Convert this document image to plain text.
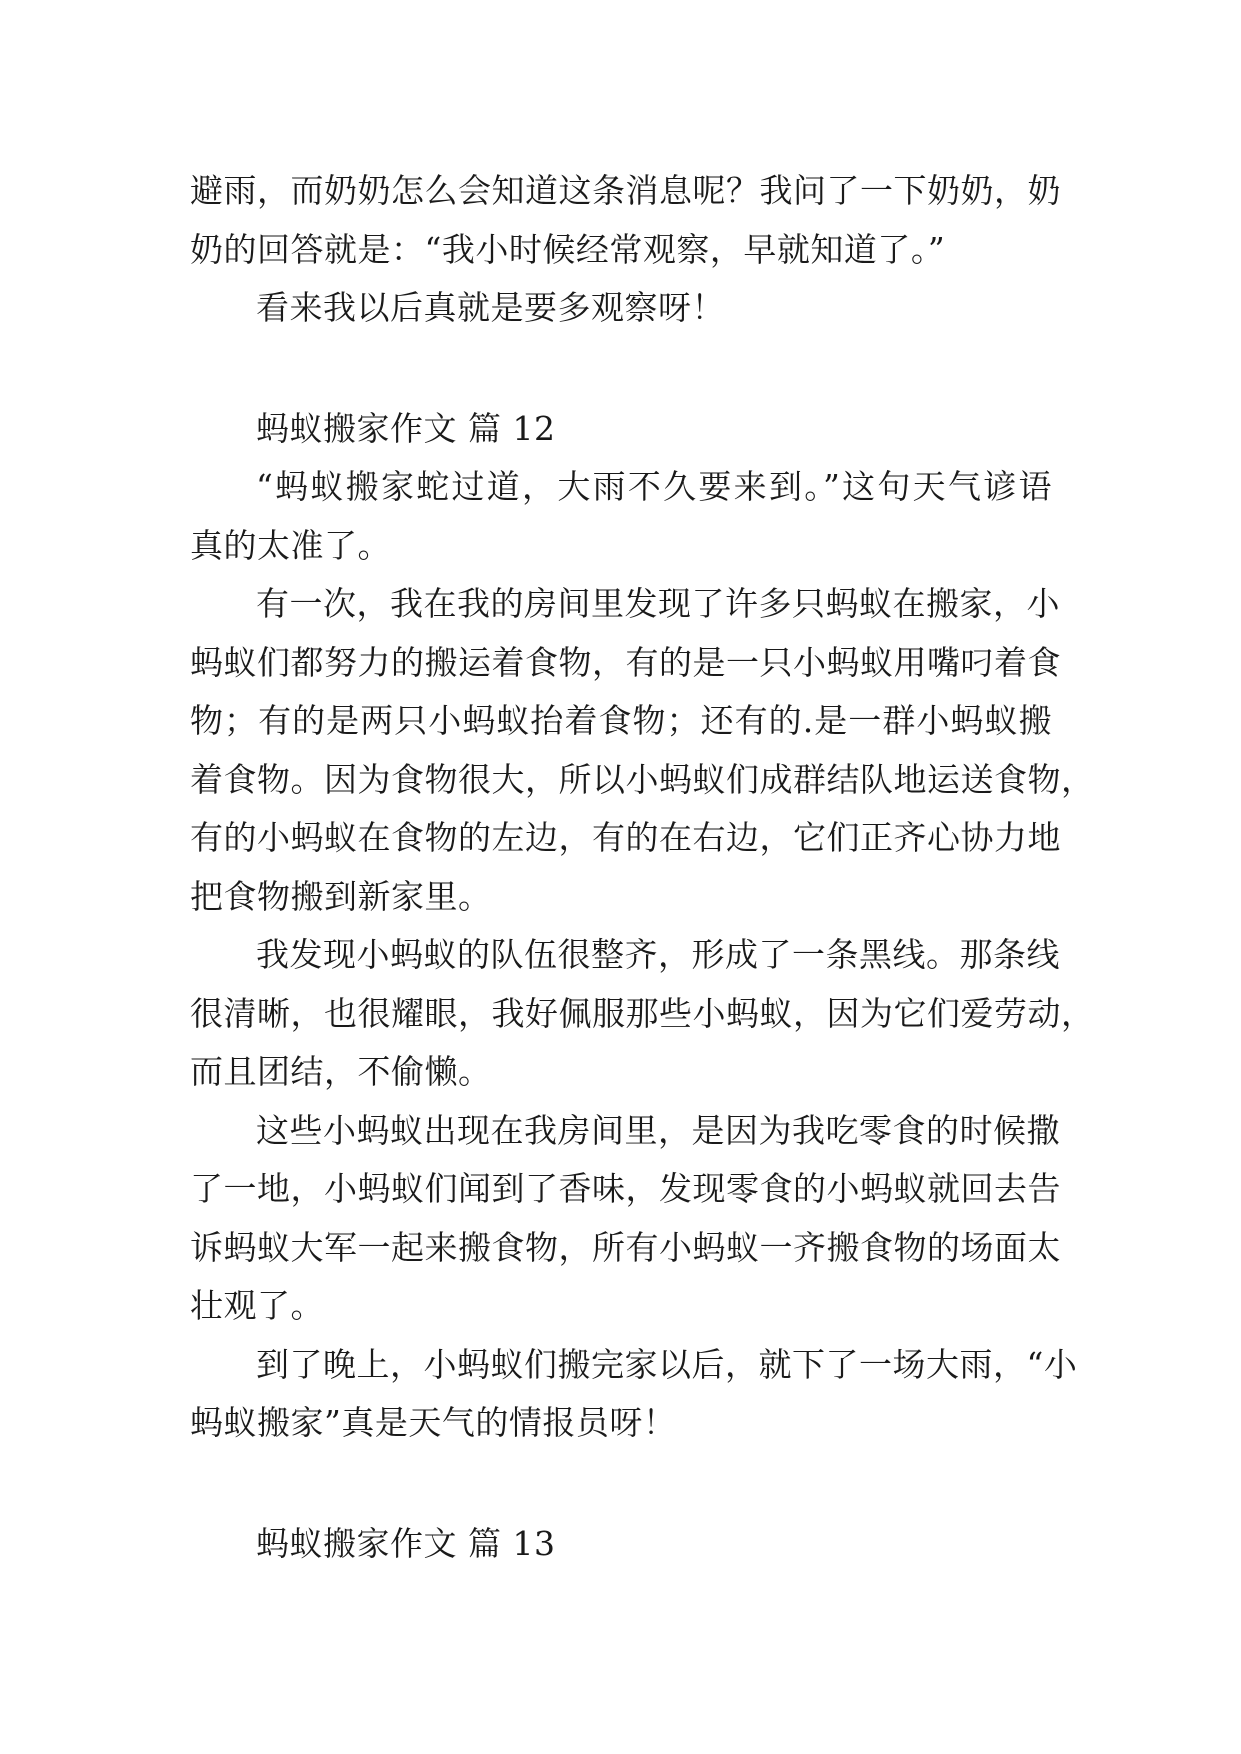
避雨，而奶奶怎么会知道这条消息呢？我问了一下奶奶，奶
奶的回答就是：“我小时候经常观察，早就知道了。”
看来我以后真就是要多观察呀！
蚂蚁搬家作文 篇 12
“蚂蚁搬家蛇过道，大雨不久要来到。”这句天气谚语
真的太准了。
有一次，我在我的房间里发现了许多只蚂蚁在搬家，小
蚂蚁们都努力的搬运着食物，有的是一只小蚂蚁用嘴叼着食
物；有的是两只小蚂蚁抬着食物；还有的.是一群小蚂蚁搬
着食物。因为食物很大，所以小蚂蚁们成群结队地运送食物，
有的小蚂蚁在食物的左边，有的在右边，它们正齐心协力地
把食物搬到新家里。
我发现小蚂蚁的队伍很整齐，形成了一条黑线。那条线
很清晰，也很耀眼，我好佩服那些小蚂蚁，因为它们爱劳动，
而且团结，不偷懒。
这些小蚂蚁出现在我房间里，是因为我吃零食的时候撒
了一地，小蚂蚁们闻到了香味，发现零食的小蚂蚁就回去告
诉蚂蚁大军一起来搬食物，所有小蚂蚁一齐搬食物的场面太
壮观了。
到了晚上，小蚂蚁们搬完家以后，就下了一场大雨，“小
蚂蚁搬家”真是天气的情报员呀！
蚂蚁搬家作文 篇 13
